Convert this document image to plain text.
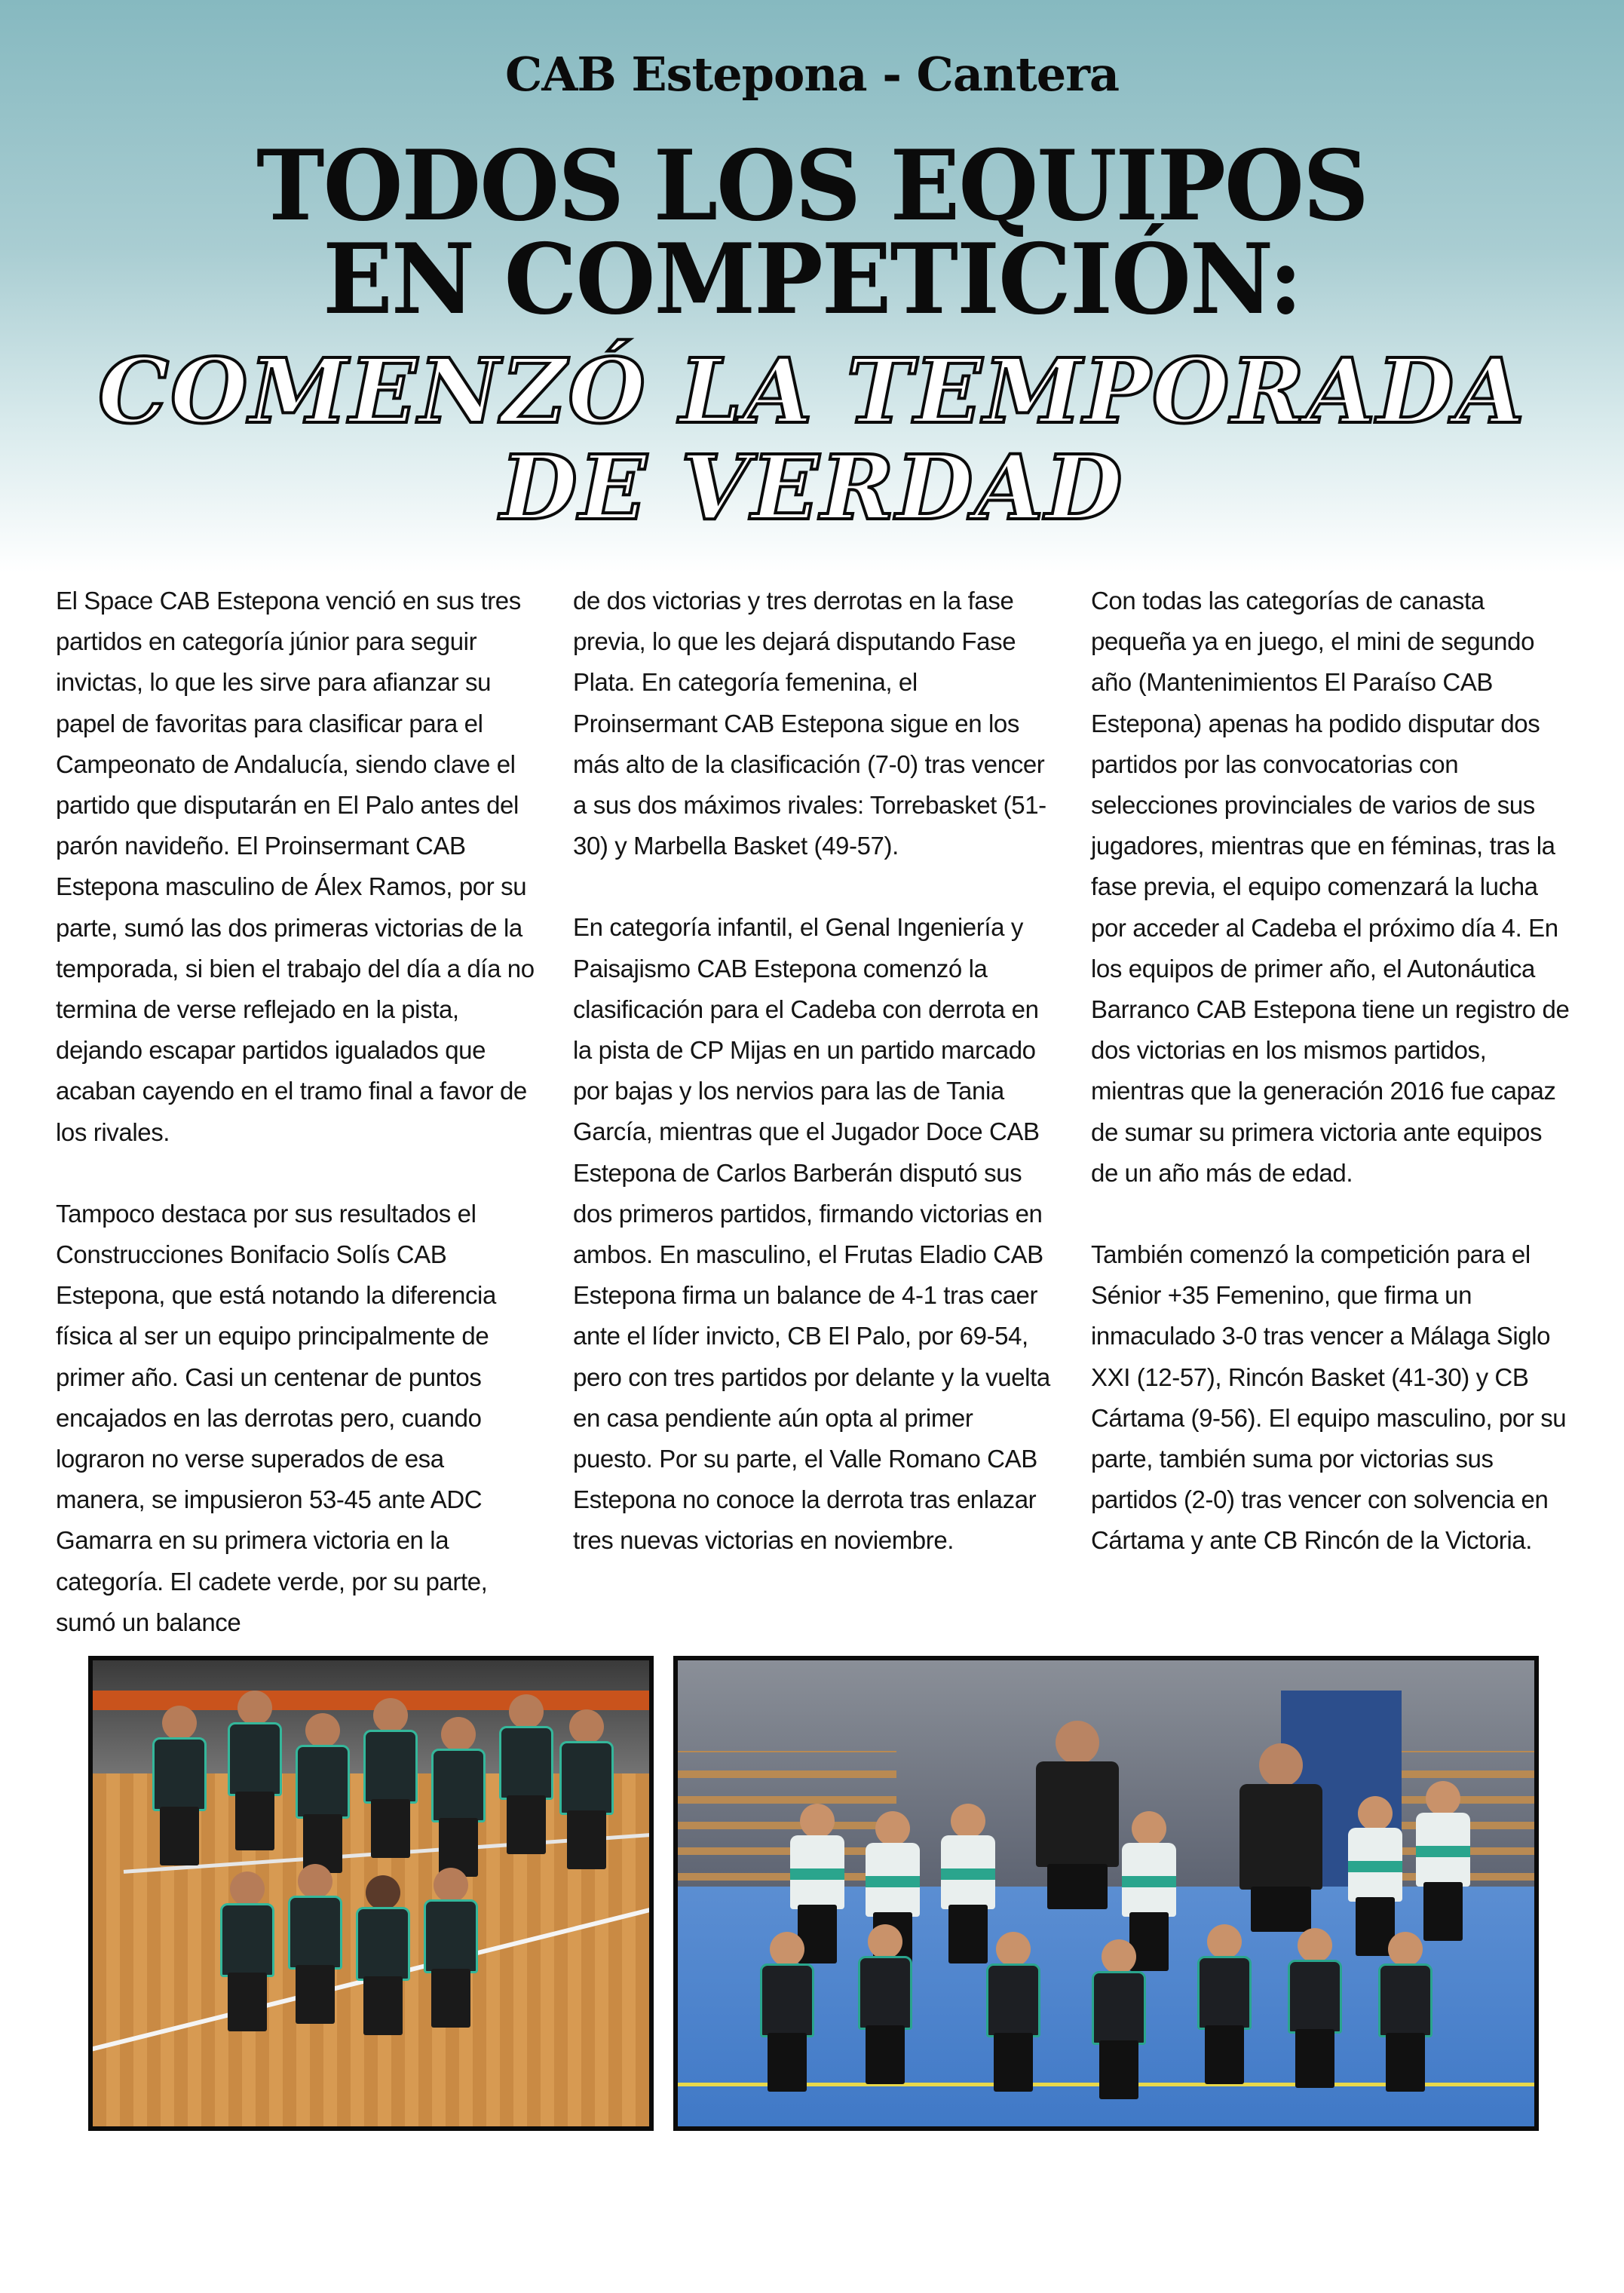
CAB Estepona - Cantera
TODOS LOS EQUIPOS
EN COMPETICIÓN:
COMENZÓ LA TEMPORADA
DE VERDAD

El Space CAB Estepona venció en sus tres partidos en categoría júnior para seguir invictas, lo que les sirve para afianzar su papel de favoritas para clasificar para el Campeonato de Andalucía, siendo clave el partido que disputarán en El Palo antes del parón navideño. El Proinsermant CAB Estepona masculino de Álex Ramos, por su parte, sumó las dos primeras victorias de la temporada, si bien el trabajo del día a día no termina de verse reflejado en la pista, dejando escapar partidos igualados que acaban cayendo en el tramo final a favor de los rivales.

Tampoco destaca por sus resultados el Construcciones Bonifacio Solís CAB Estepona, que está notando la diferencia física al ser un equipo principalmente de primer año. Casi un centenar de puntos encajados en las derrotas pero, cuando lograron no verse superados de esa manera, se impusieron 53-45 ante ADC Gamarra en su primera victoria en la categoría. El cadete verde, por su parte, sumó un balance

de dos victorias y tres derrotas en la fase previa, lo que les dejará disputando Fase Plata. En categoría femenina, el Proinsermant CAB Estepona sigue en los más alto de la clasificación (7-0) tras vencer a sus dos máximos rivales: Torrebasket (51-30) y Marbella Basket (49-57).

En categoría infantil, el Genal Ingeniería y Paisajismo CAB Estepona comenzó la clasificación para el Cadeba con derrota en la pista de CP Mijas en un partido marcado por bajas y los nervios para las de Tania García, mientras que el Jugador Doce CAB Estepona de Carlos Barberán disputó sus dos primeros partidos, firmando victorias en ambos. En masculino, el Frutas Eladio CAB Estepona firma un balance de 4-1 tras caer ante el líder invicto, CB El Palo, por 69-54, pero con tres partidos por delante y la vuelta en casa pendiente aún opta al primer puesto. Por su parte, el Valle Romano CAB Estepona no conoce la derrota tras enlazar tres nuevas victorias en noviembre.

Con todas las categorías de canasta pequeña ya en juego, el mini de segundo año (Mantenimientos El Paraíso CAB Estepona) apenas ha podido disputar dos partidos por las convocatorias con selecciones provinciales de varios de sus jugadores, mientras que en féminas, tras la fase previa, el equipo comenzará la lucha por acceder al Cadeba el próximo día 4. En los equipos de primer año, el Autonáutica Barranco CAB Estepona tiene un registro de dos victorias en los mismos partidos, mientras que la generación 2016 fue capaz de sumar su primera victoria ante equipos de un año más de edad.

También comenzó la competición para el Sénior +35 Femenino, que firma un inmaculado 3-0 tras vencer a Málaga Siglo XXI (12-57), Rincón Basket (41-30) y CB Cártama (9-56). El equipo masculino, por su parte, también suma por victorias sus partidos (2-0) tras vencer con solvencia en Cártama y ante CB Rincón de la Victoria.
